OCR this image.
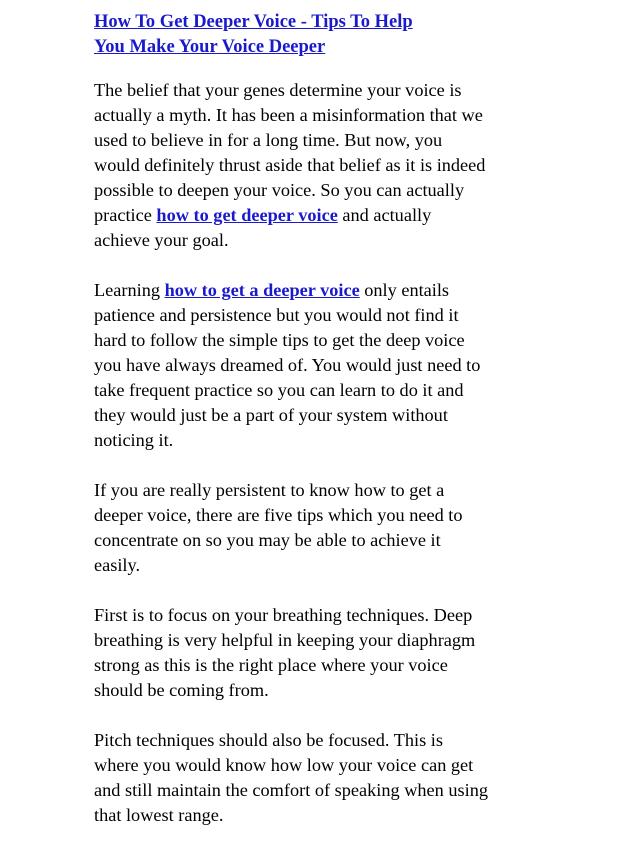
How To Get Deeper Voice - Tips To Help
You Make Your Voice Deeper

The belief that your genes determine your voice is
actually a myth. It has been a misinformation that we
used to believe in for a long time. But now, you
would definitely thrust aside that belief as it is indeed
possible to deepen your voice. So you can actually
practice how to get deeper voice and actually
achieve your goal.

Learning how to get a deeper voice only entails
patience and persistence but you would not find it
hard to follow the simple tips to get the deep voice
you have always dreamed of. You would just need to
take frequent practice so you can learn to do it and
they would just be a part of your system without
noticing it.

If you are really persistent to know how to get a
deeper voice, there are five tips which you need to
concentrate on so you may be able to achieve it
easily.

First is to focus on your breathing techniques. Deep
breathing is very helpful in keeping your diaphragm
strong as this is the right place where your voice
should be coming from.

Pitch techniques should also be focused. This is
where you would know how low your voice can get
and still maintain the comfort of speaking when using
that lowest range.
